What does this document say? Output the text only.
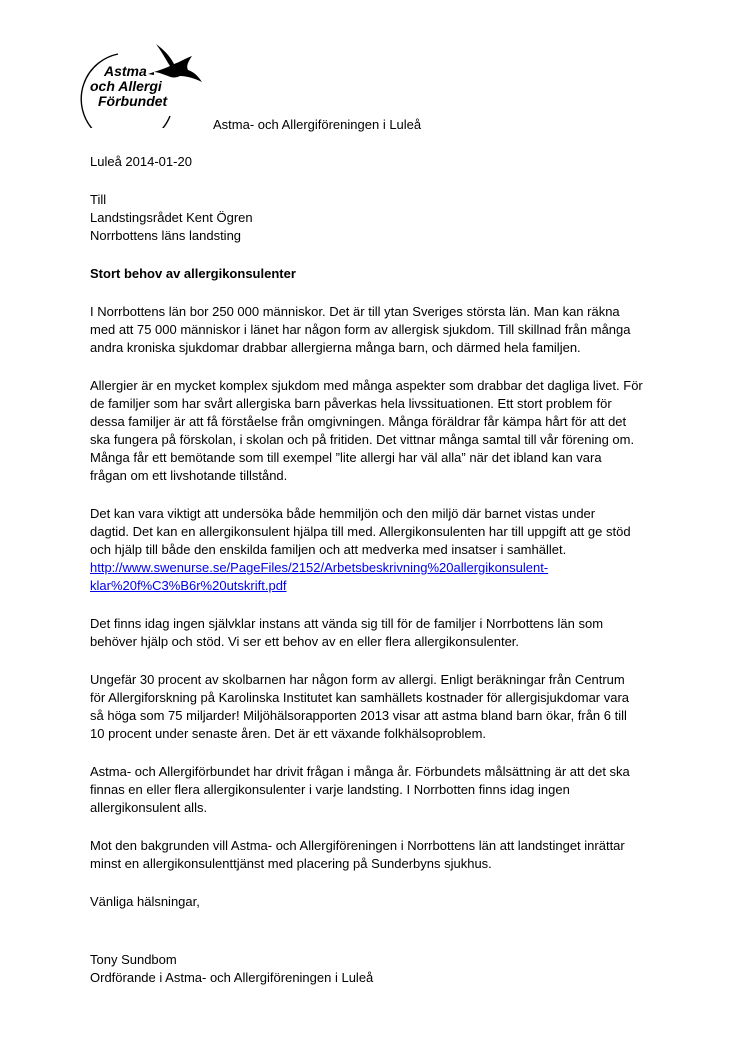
Astma
och Allergi
Förbundet
Astma- och Allergiföreningen i Luleå
Luleå 2014-01-20
Till
Landstingsrådet Kent Ögren
Norrbottens läns landsting
Stort behov av allergikonsulenter
I Norrbottens län bor 250 000 människor. Det är till ytan Sveriges största län. Man kan räkna
med att 75 000 människor i länet har någon form av allergisk sjukdom. Till skillnad från många
andra kroniska sjukdomar drabbar allergierna många barn, och därmed hela familjen.
Allergier är en mycket komplex sjukdom med många aspekter som drabbar det dagliga livet. För
de familjer som har svårt allergiska barn påverkas hela livssituationen. Ett stort problem för
dessa familjer är att få förståelse från omgivningen. Många föräldrar får kämpa hårt för att det
ska fungera på förskolan, i skolan och på fritiden. Det vittnar många samtal till vår förening om.
Många får ett bemötande som till exempel ”lite allergi har väl alla” när det ibland kan vara
frågan om ett livshotande tillstånd.
Det kan vara viktigt att undersöka både hemmiljön och den miljö där barnet vistas under
dagtid. Det kan en allergikonsulent hjälpa till med. Allergikonsulenten har till uppgift att ge stöd
och hjälp till både den enskilda familjen och att medverka med insatser i samhället.
http://www.swenurse.se/PageFiles/2152/Arbetsbeskrivning%20allergikonsulent-
klar%20f%C3%B6r%20utskrift.pdf
Det finns idag ingen självklar instans att vända sig till för de familjer i Norrbottens län som
behöver hjälp och stöd. Vi ser ett behov av en eller flera allergikonsulenter.
Ungefär 30 procent av skolbarnen har någon form av allergi. Enligt beräkningar från Centrum
för Allergiforskning på Karolinska Institutet kan samhällets kostnader för allergisjukdomar vara
så höga som 75 miljarder! Miljöhälsorapporten 2013 visar att astma bland barn ökar, från 6 till
10 procent under senaste åren. Det är ett växande folkhälsoproblem.
Astma- och Allergiförbundet har drivit frågan i många år. Förbundets målsättning är att det ska
finnas en eller flera allergikonsulenter i varje landsting. I Norrbotten finns idag ingen
allergikonsulent alls.
Mot den bakgrunden vill Astma- och Allergiföreningen i Norrbottens län att landstinget inrättar
minst en allergikonsulenttjänst med placering på Sunderbyns sjukhus.
Vänliga hälsningar,
Tony Sundbom
Ordförande i Astma- och Allergiföreningen i Luleå
